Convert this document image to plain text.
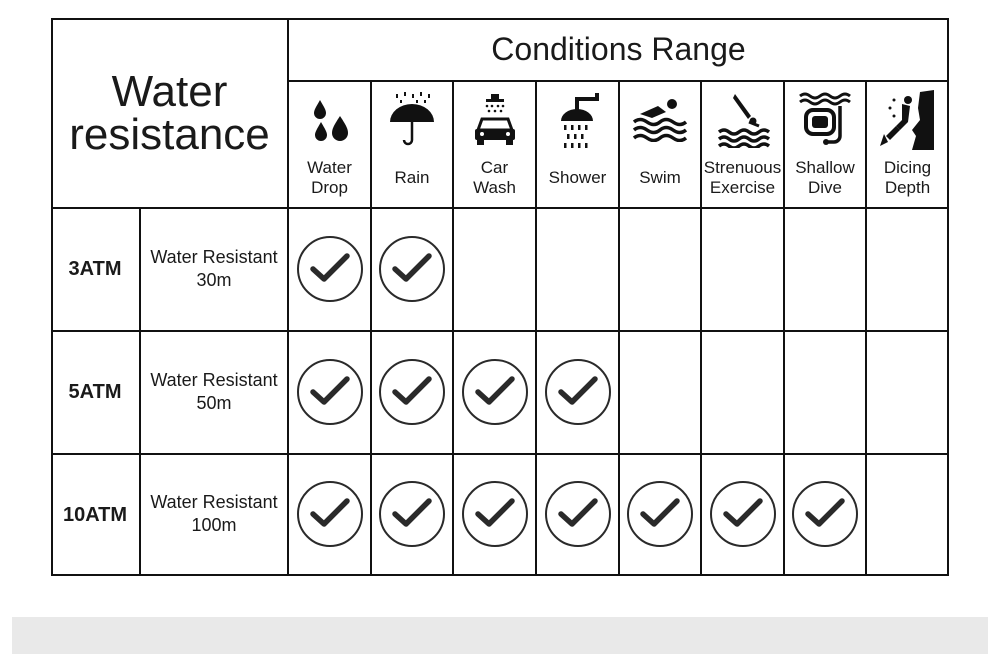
Water
resistance
Conditions Range
Water
Drop
Rain
Car
Wash
Shower	Swim
Strenuous
Exercise
Shallow
Dive
Dicing
Depth
3ATM
Water Resistant
30m
5ATM
Water Resistant
50m
10ATM
Water Resistant
100m
